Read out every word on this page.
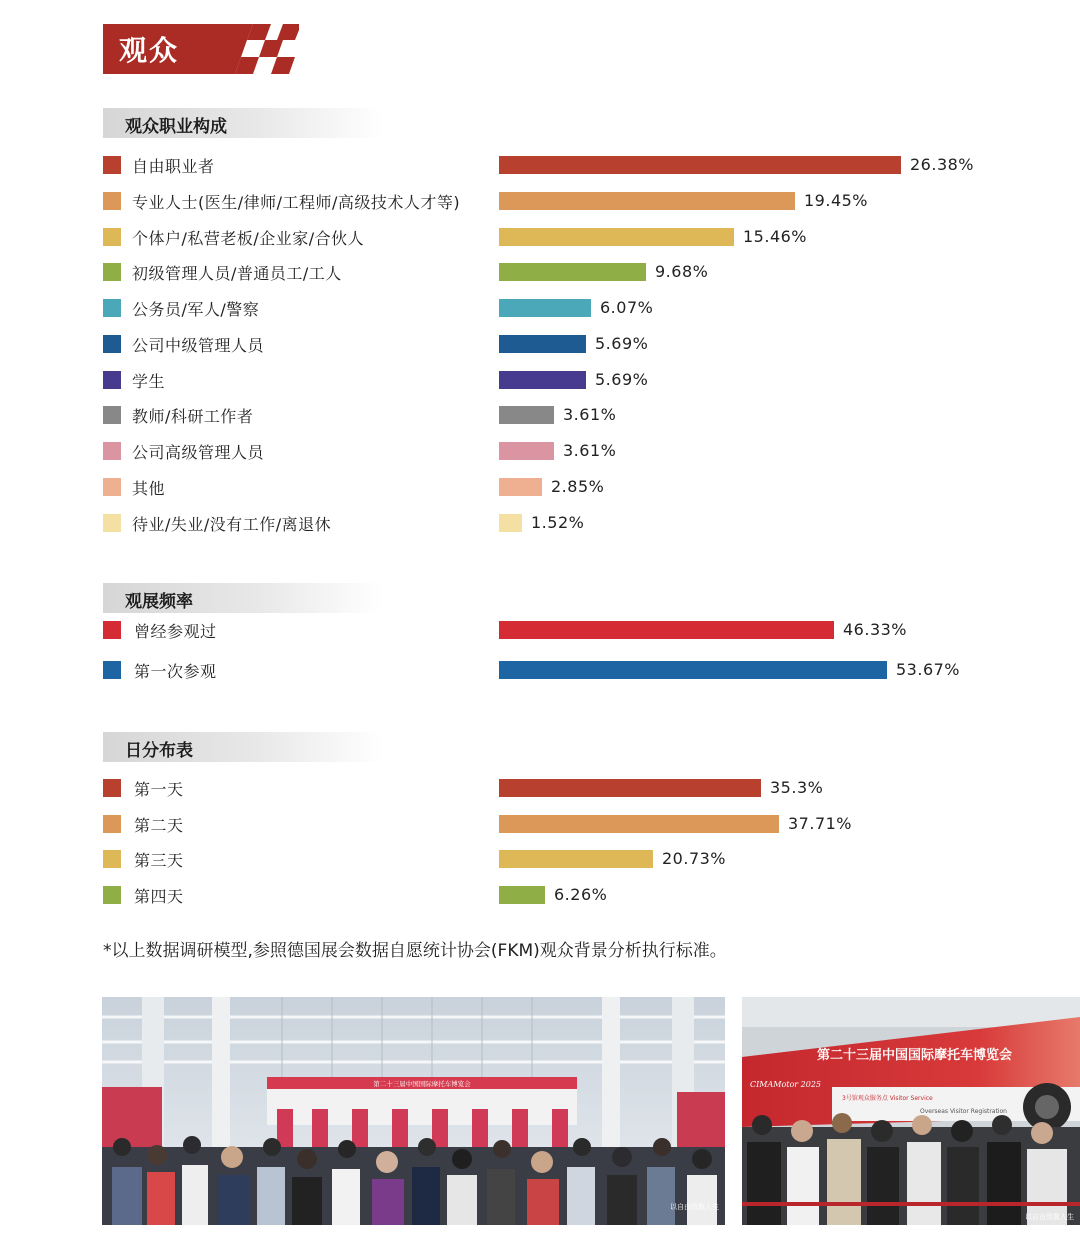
观众
观众职业构成
观展频率
日分布表
自由职业者	26.38%
专业人士(医生/律师/工程师/高级技术人才等)	19.45%
个体户/私营老板/企业家/合伙人	15.46%
初级管理人员/普通员工/工人	9.68%
公务员/军人/警察	6.07%
公司中级管理人员	5.69%
学生	5.69%
教师/科研工作者	3.61%
公司高级管理人员	3.61%
其他	2.85%
待业/失业/没有工作/离退休	1.52%
曾经参观过	46.33%
第一次参观	53.67%
第一天	35.3%
第二天	37.71%
第三天	20.73%
第四天	6.26%
*以上数据调研模型,参照德国展会数据自愿统计协会(FKM)观众背景分析执行标准。
第二十三届中国国际摩托车博览会
以自由致敬人生
第二十三届中国国际摩托车博览会
CIMAMotor 2025
3号馆观众服务点 Visitor Service
Overseas Visitor Registration
以自由致敬人生
